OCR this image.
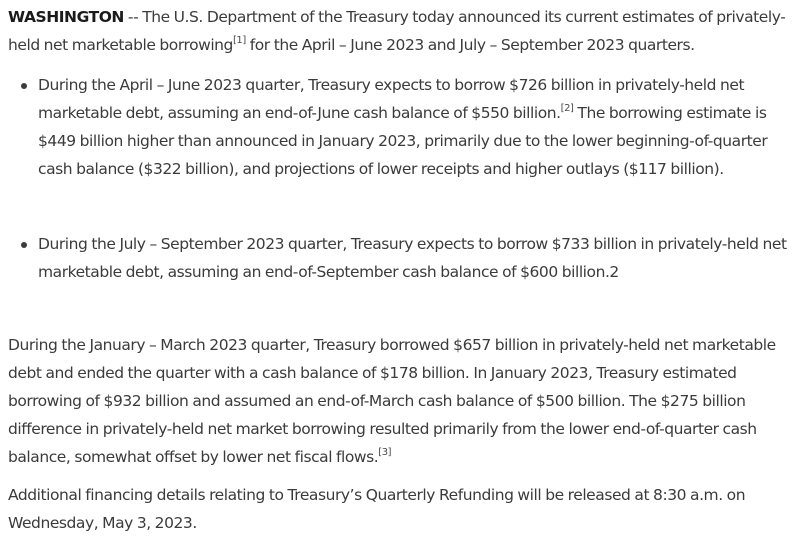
WASHINGTON -- The U.S. Department of the Treasury today announced its current estimates of privately-held net marketable borrowing[1] for the April – June 2023 and July – September 2023 quarters.

During the April – June 2023 quarter, Treasury expects to borrow $726 billion in privately-held net marketable debt, assuming an end-of-June cash balance of $550 billion.[2] The borrowing estimate is $449 billion higher than announced in January 2023, primarily due to the lower beginning-of-quarter cash balance ($322 billion), and projections of lower receipts and higher outlays ($117 billion).
During the July – September 2023 quarter, Treasury expects to borrow $733 billion in privately-held net marketable debt, assuming an end-of-September cash balance of $600 billion.2

During the January – March 2023 quarter, Treasury borrowed $657 billion in privately-held net marketable debt and ended the quarter with a cash balance of $178 billion. In January 2023, Treasury estimated borrowing of $932 billion and assumed an end-of-March cash balance of $500 billion. The $275 billion difference in privately-held net market borrowing resulted primarily from the lower end-of-quarter cash balance, somewhat offset by lower net fiscal flows.[3]

Additional financing details relating to Treasury’s Quarterly Refunding will be released at 8:30 a.m. on Wednesday, May 3, 2023.
